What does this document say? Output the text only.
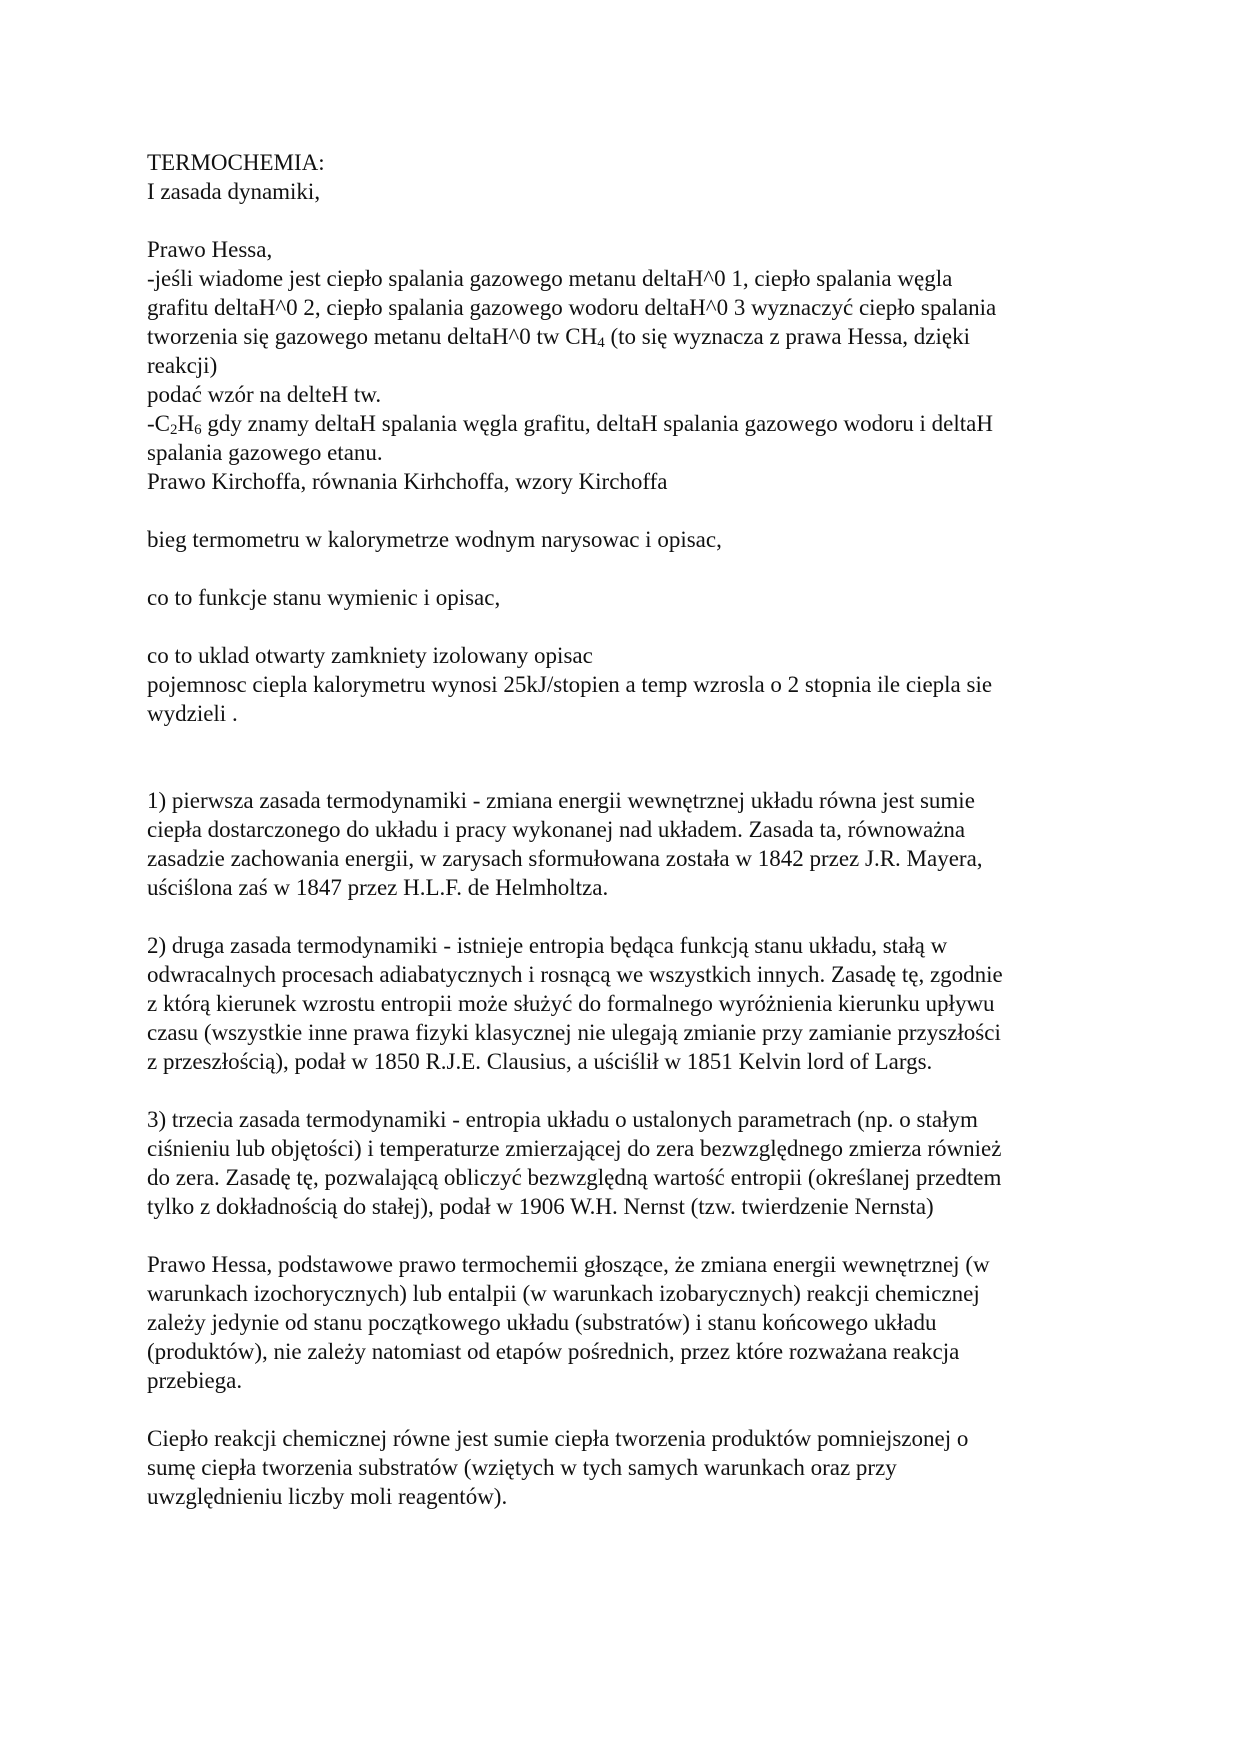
TERMOCHEMIA:
I zasada dynamiki,
Prawo Hessa,
-jeśli wiadome jest ciepło spalania gazowego metanu deltaH^0 1, ciepło spalania węgla
grafitu deltaH^0 2, ciepło spalania gazowego wodoru deltaH^0 3 wyznaczyć ciepło spalania
tworzenia się gazowego metanu deltaH^0 tw $CH_4$ (to się wyznacza z prawa Hessa, dzięki
reakcji)
podać wzór na delteH tw.
$-C_2H_6$ gdy znamy deltaH spalania węgla grafitu, deltaH spalania gazowego wodoru i deltaH
spalania gazowego etanu.
Prawo Kirchoffa, równania Kirhchoffa, wzory Kirchoffa
bieg termometru w kalorymetrze wodnym narysowac i opisac,
co to funkcje stanu wymienic i opisac,
co to uklad otwarty zamkniety izolowany opisac
pojemnosc ciepla kalorymetru wynosi 25kJ/stopien a temp wzrosla o 2 stopnia ile ciepla sie
wydzieli .
1) pierwsza zasada termodynamiki - zmiana energii wewnętrznej układu równa jest sumie
ciepła dostarczonego do układu i pracy wykonanej nad układem. Zasada ta, równoważna
zasadzie zachowania energii, w zarysach sformułowana została w 1842 przez J.R. Mayera,
uściślona zaś w 1847 przez H.L.F. de Helmholtza.
2) druga zasada termodynamiki - istnieje entropia będąca funkcją stanu układu, stałą w
odwracalnych procesach adiabatycznych i rosnącą we wszystkich innych. Zasadę tę, zgodnie
z którą kierunek wzrostu entropii może służyć do formalnego wyróżnienia kierunku upływu
czasu (wszystkie inne prawa fizyki klasycznej nie ulegają zmianie przy zamianie przyszłości
z przeszłością), podał w 1850 R.J.E. Clausius, a uściślił w 1851 Kelvin lord of Largs.
3) trzecia zasada termodynamiki - entropia układu o ustalonych parametrach (np. o stałym
ciśnieniu lub objętości) i temperaturze zmierzającej do zera bezwzględnego zmierza również
do zera. Zasadę tę, pozwalającą obliczyć bezwzględną wartość entropii (określanej przedtem
tylko z dokładnością do stałej), podał w 1906 W.H. Nernst (tzw. twierdzenie Nernsta)
Prawo Hessa, podstawowe prawo termochemii głoszące, że zmiana energii wewnętrznej (w
warunkach izochorycznych) lub entalpii (w warunkach izobarycznych) reakcji chemicznej
zależy jedynie od stanu początkowego układu (substratów) i stanu końcowego układu
(produktów), nie zależy natomiast od etapów pośrednich, przez które rozważana reakcja
przebiega.
Ciepło reakcji chemicznej równe jest sumie ciepła tworzenia produktów pomniejszonej o
sumę ciepła tworzenia substratów (wziętych w tych samych warunkach oraz przy
uwzględnieniu liczby moli reagentów).
